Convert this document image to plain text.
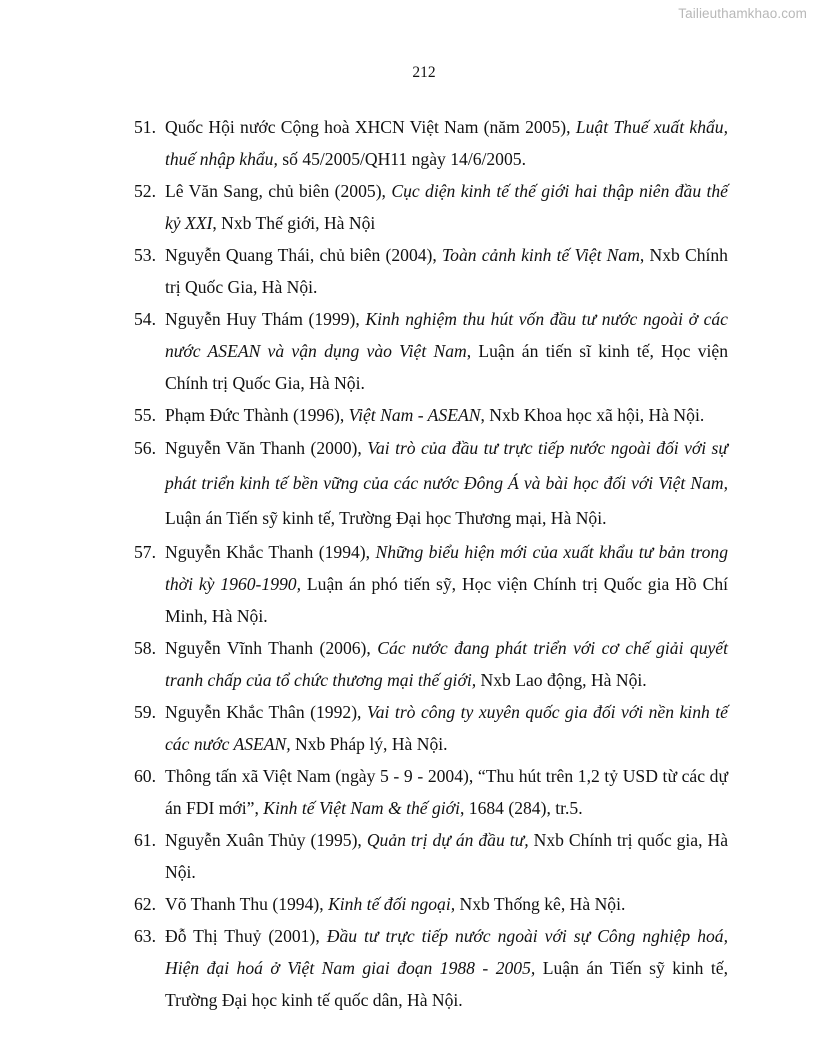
Tailieuthamkhao.com
212
51. Quốc Hội nước Cộng hoà XHCN Việt Nam (năm 2005), Luật Thuế xuất khẩu, thuế nhập khẩu, số 45/2005/QH11 ngày 14/6/2005.
52. Lê Văn Sang, chủ biên (2005), Cục diện kinh tế thế giới hai thập niên đầu thế kỷ XXI, Nxb Thế giới, Hà Nội
53. Nguyễn Quang Thái, chủ biên (2004), Toàn cảnh kinh tế Việt Nam, Nxb Chính trị Quốc Gia, Hà Nội.
54. Nguyễn Huy Thám (1999), Kinh nghiệm thu hút vốn đầu tư nước ngoài ở các nước ASEAN và vận dụng vào Việt Nam, Luận án tiến sĩ kinh tế, Học viện Chính trị Quốc Gia, Hà Nội.
55. Phạm Đức Thành (1996), Việt Nam - ASEAN, Nxb Khoa học xã hội, Hà Nội.
56. Nguyễn Văn Thanh (2000), Vai trò của đầu tư trực tiếp nước ngoài đối với sự phát triển kinh tế bền vững của các nước Đông Á và bài học đối với Việt Nam, Luận án Tiến sỹ kinh tế, Trường Đại học Thương mại, Hà Nội.
57. Nguyễn Khắc Thanh (1994), Những biểu hiện mới của xuất khẩu tư bản trong thời kỳ 1960-1990, Luận án phó tiến sỹ, Học viện Chính trị Quốc gia Hồ Chí Minh, Hà Nội.
58. Nguyễn Vĩnh Thanh (2006), Các nước đang phát triển với cơ chế giải quyết tranh chấp của tổ chức thương mại thế giới, Nxb Lao động, Hà Nội.
59. Nguyễn Khắc Thân (1992), Vai trò công ty xuyên quốc gia đối với nền kinh tế các nước ASEAN, Nxb Pháp lý, Hà Nội.
60. Thông tấn xã Việt Nam (ngày 5 - 9 - 2004), “Thu hút trên 1,2 tỷ USD từ các dự án FDI mới”, Kinh tế Việt Nam & thế giới, 1684 (284), tr.5.
61. Nguyễn Xuân Thủy (1995), Quản trị dự án đầu tư, Nxb Chính trị quốc gia, Hà Nội.
62. Võ Thanh Thu (1994), Kinh tế đối ngoại, Nxb Thống kê, Hà Nội.
63. Đỗ Thị Thuỷ (2001), Đầu tư trực tiếp nước ngoài với sự Công nghiệp hoá, Hiện đại hoá ở Việt Nam giai đoạn 1988 - 2005, Luận án Tiến sỹ kinh tế, Trường Đại học kinh tế quốc dân, Hà Nội.
